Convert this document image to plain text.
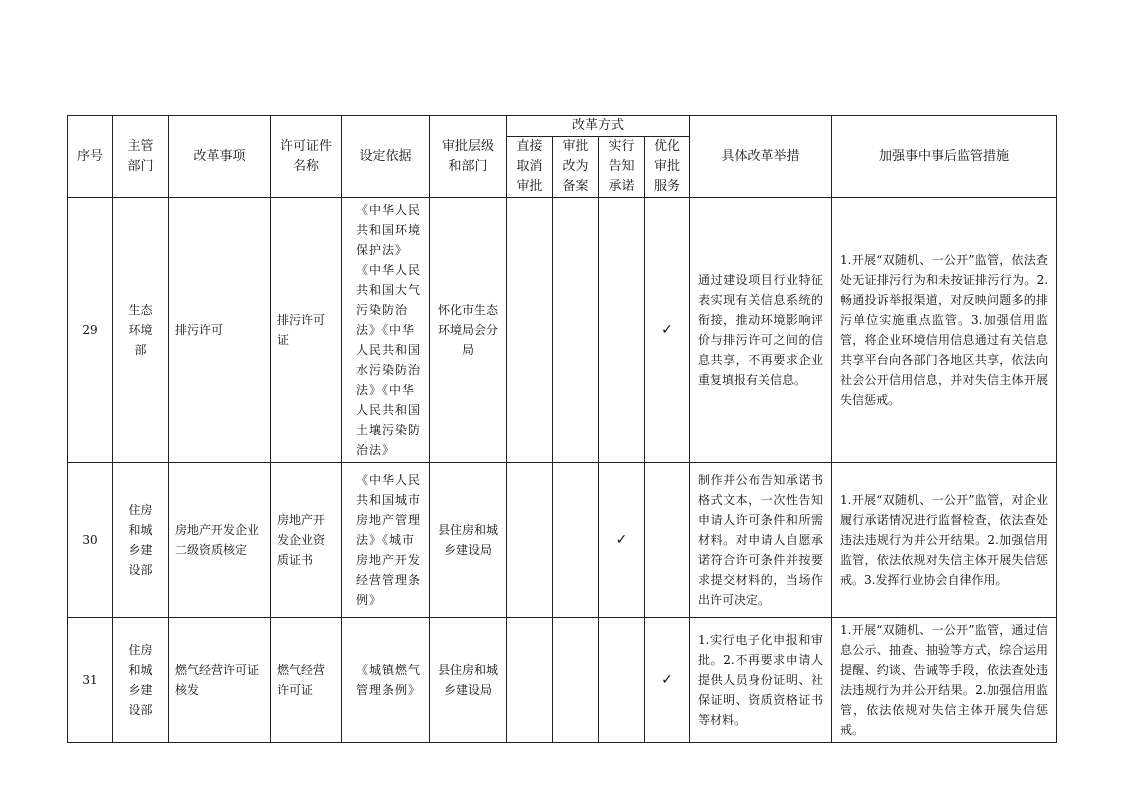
序号	主管部门	改革事项	许可证件名称	设定依据	审批层级和部门	改革方式				具体改革举措	加强事中事后监管措施

						直接取消审批	审批改为备案	实行告知承诺	优化审批服务		

29	生态环境部	排污许可	排污许可证	《中华人民共和国环境保护法》《中华人民共和国大气污染防治法》《中华人民共和国水污染防治法》《中华人民共和国土壤污染防治法》	怀化市生态环境局会分局				✓	通过建设项目行业特征表实现有关信息系统的衔接，推动环境影响评价与排污许可之间的信息共享，不再要求企业重复填报有关信息。	1.开展“双随机、一公开”监管，依法查处无证排污行为和未按证排污行为。2.畅通投诉举报渠道，对反映问题多的排污单位实施重点监管。3.加强信用监管，将企业环境信用信息通过有关信息共享平台向各部门各地区共享，依法向社会公开信用信息，并对失信主体开展失信惩戒。

30	住房和城乡建设部	房地产开发企业二级资质核定	房地产开发企业资质证书	《中华人民共和国城市房地产管理法》《城市房地产开发经营管理条例》	县住房和城乡建设局			✓		制作并公布告知承诺书格式文本，一次性告知申请人许可条件和所需材料。对申请人自愿承诺符合许可条件并按要求提交材料的，当场作出许可决定。	1.开展“双随机、一公开”监管，对企业履行承诺情况进行监督检查，依法查处违法违规行为并公开结果。2.加强信用监管，依法依规对失信主体开展失信惩戒。3.发挥行业协会自律作用。

31	住房和城乡建设部	燃气经营许可证核发	燃气经营许可证	《城镇燃气管理条例》	县住房和城乡建设局				✓	1.实行电子化申报和审批。2.不再要求申请人提供人员身份证明、社保证明、资质资格证书等材料。	1.开展“双随机、一公开”监管，通过信息公示、抽查、抽验等方式，综合运用提醒、约谈、告诫等手段，依法查处违法违规行为并公开结果。2.加强信用监管，依法依规对失信主体开展失信惩戒。
